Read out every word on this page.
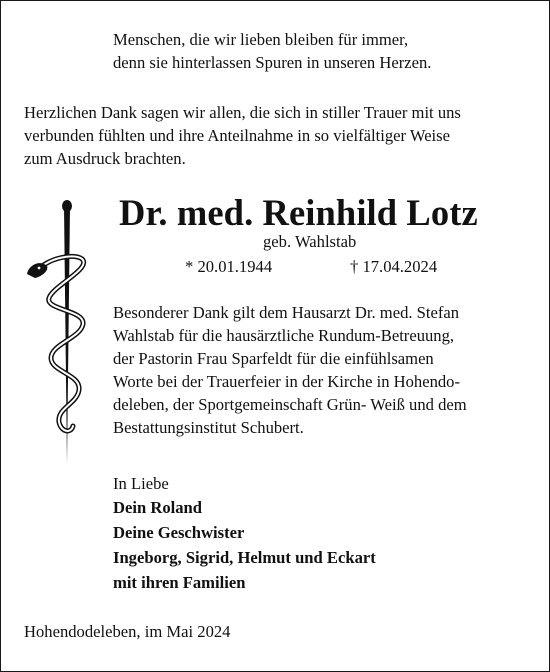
Menschen, die wir lieben bleiben für immer,
denn sie hinterlassen Spuren in unseren Herzen.
Herzlichen Dank sagen wir allen, die sich in stiller Trauer mit uns
verbunden fühlten und ihre Anteilnahme in so vielfältiger Weise
zum Ausdruck brachten.
Dr. med. Reinhild Lotz
geb. Wahlstab
* 20.01.1944	† 17.04.2024
Besonderer Dank gilt dem Hausarzt Dr. med. Stefan
Wahlstab für die hausärztliche Rundum-Betreuung,
der Pastorin Frau Sparfeldt für die einfühlsamen
Worte bei der Trauerfeier in der Kirche in Hohendo-
deleben, der Sportgemeinschaft Grün- Weiß und dem
Bestattungsinstitut Schubert.
In Liebe
Dein Roland
Deine Geschwister
Ingeborg, Sigrid, Helmut und Eckart
mit ihren Familien
Hohendodeleben, im Mai 2024
